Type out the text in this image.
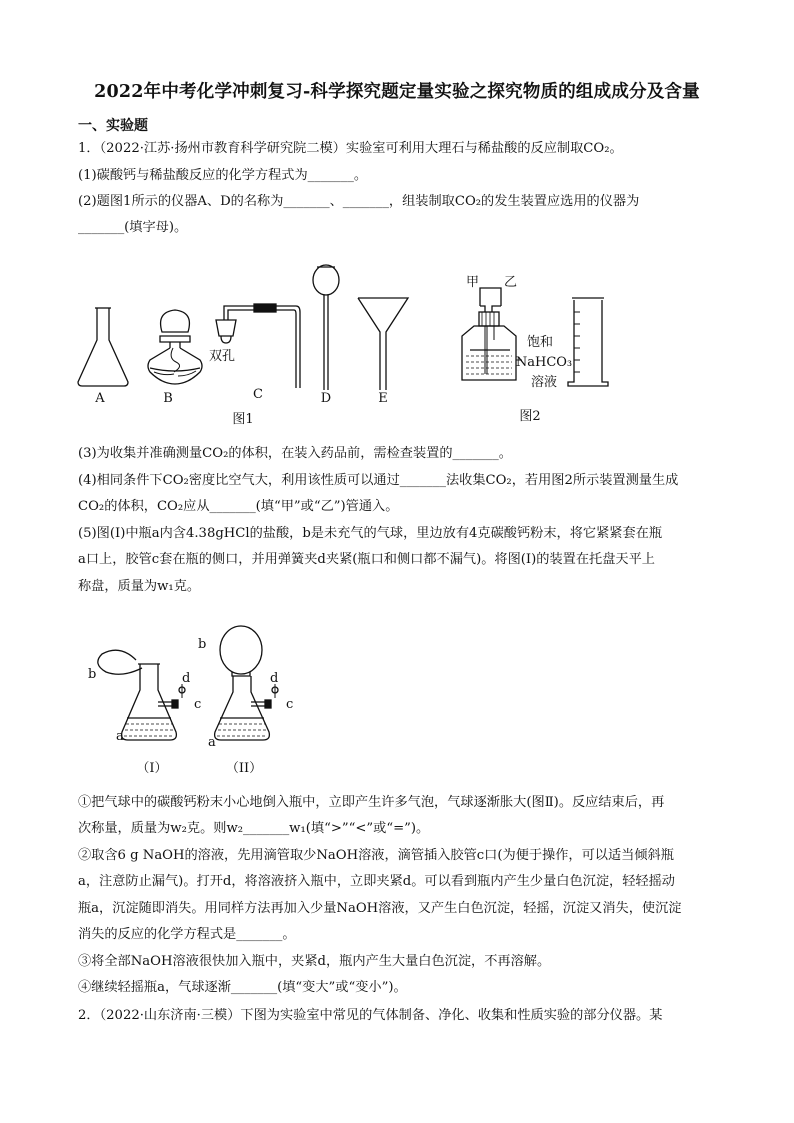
2022年中考化学冲刺复习-科学探究题定量实验之探究物质的组成成分及含量
一、实验题
1．（2022·江苏·扬州市教育科学研究院二模）实验室可利用大理石与稀盐酸的反应制取CO₂。
(1)碳酸钙与稀盐酸反应的化学方程式为_______。
(2)题图1所示的仪器A、D的名称为_______、_______，组装制取CO₂的发生装置应选用的仪器为
_______(填字母)。
A	B
双孔
C	D	E
图1
甲 乙
饱和
NaHCO₃
溶液
图2
(3)为收集并准确测量CO₂的体积，在装入药品前，需检查装置的_______。
(4)相同条件下CO₂密度比空气大，利用该性质可以通过_______法收集CO₂，若用图2所示装置测量生成
CO₂的体积，CO₂应从_______(填“甲”或“乙”)管通入。
(5)图(Ⅰ)中瓶a内含4.38gHCl的盐酸，b是未充气的气球，里边放有4克碳酸钙粉末，将它紧紧套在瓶
a口上，胶管c套在瓶的侧口，并用弹簧夹d夹紧(瓶口和侧口都不漏气)。将图(Ⅰ)的装置在托盘天平上
称盘，质量为w₁克。
b	d
c
a
b
d
c
a
（I）	（II）
①把气球中的碳酸钙粉末小心地倒入瓶中，立即产生许多气泡，气球逐渐胀大(图Ⅱ)。反应结束后，再
次称量，质量为w₂克。则w₂_______w₁(填“>”“<”或“=”)。
②取含6 g NaOH的溶液，先用滴管取少NaOH溶液，滴管插入胶管c口(为便于操作，可以适当倾斜瓶
a，注意防止漏气)。打开d，将溶液挤入瓶中，立即夹紧d。可以看到瓶内产生少量白色沉淀，轻轻摇动
瓶a，沉淀随即消失。用同样方法再加入少量NaOH溶液，又产生白色沉淀，轻摇，沉淀又消失，使沉淀
消失的反应的化学方程式是_______。
③将全部NaOH溶液很快加入瓶中，夹紧d，瓶内产生大量白色沉淀，不再溶解。
④继续轻摇瓶a，气球逐渐_______(填“变大”或“变小”)。
2．（2022·山东济南·三模）下图为实验室中常见的气体制备、净化、收集和性质实验的部分仪器。某
